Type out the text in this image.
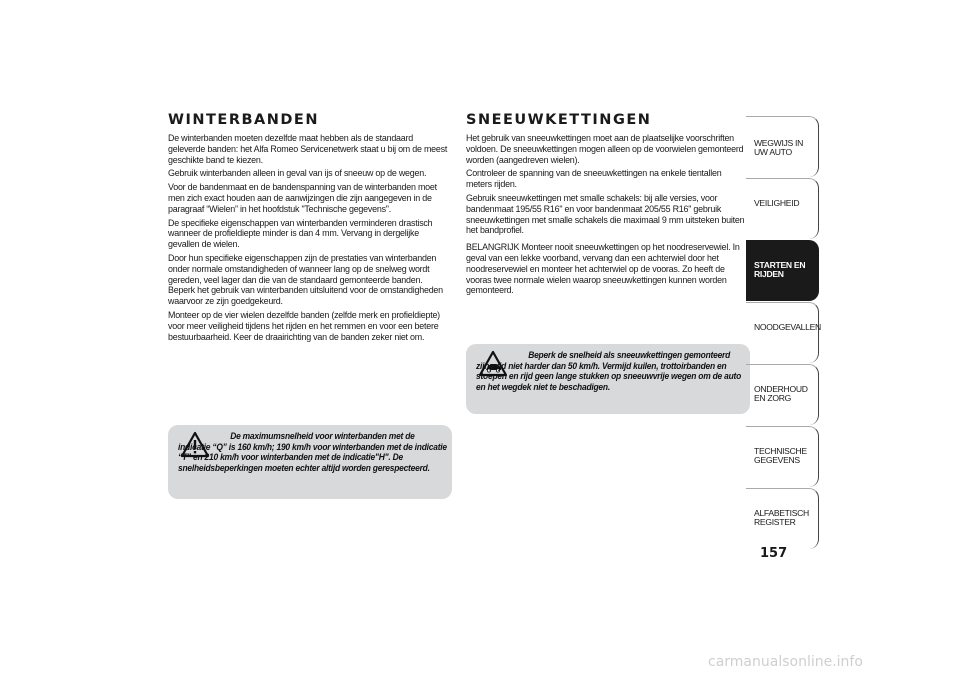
WINTERBANDEN
De winterbanden moeten dezelfde maat hebben als de standaard geleverde banden: het Alfa Romeo Servicenetwerk staat u bij om de meest geschikte band te kiezen.
Gebruik winterbanden alleen in geval van ijs of sneeuw op de wegen.
Voor de bandenmaat en de bandenspanning van de winterbanden moet men zich exact houden aan de aanwijzingen die zijn aangegeven in de paragraaf “Wielen” in het hoofdstuk "Technische gegevens".
De specifieke eigenschappen van winterbanden verminderen drastisch wanneer de profieldiepte minder is dan 4 mm. Vervang in dergelijke gevallen de wielen.
Door hun specifieke eigenschappen zijn de prestaties van winterbanden onder normale omstandigheden of wanneer lang op de snelweg wordt gereden, veel lager dan die van de standaard gemonteerde banden. Beperk het gebruik van winterbanden uitsluitend voor de omstandigheden waarvoor ze zijn goedgekeurd.
Monteer op de vier wielen dezelfde banden (zelfde merk en profieldiepte) voor meer veiligheid tijdens het rijden en het remmen en voor een betere bestuurbaarheid. Keer de draairichting van de banden zeker niet om.
De maximumsnelheid voor winterbanden met de indicatie “Q” is 160 km/h; 190 km/h voor winterbanden met de indicatie “T” en 210 km/h voor winterbanden met de indicatie"H". De snelheidsbeperkingen moeten echter altijd worden gerespecteerd.
SNEEUWKETTINGEN
Het gebruik van sneeuwkettingen moet aan de plaatselijke voorschriften voldoen. De sneeuwkettingen mogen alleen op de voorwielen gemonteerd worden (aangedreven wielen).
Controleer de spanning van de sneeuwkettingen na enkele tientallen meters rijden.
Gebruik sneeuwkettingen met smalle schakels: bij alle versies, voor bandenmaat 195/55 R16" en voor bandenmaat 205/55 R16" gebruik sneeuwkettingen met smalle schakels die maximaal 9 mm uitsteken buiten het bandprofiel.
BELANGRIJK Monteer nooit sneeuwkettingen op het noodreservewiel. In geval van een lekke voorband, vervang dan een achterwiel door het noodreservewiel en monteer het achterwiel op de vooras. Zo heeft de vooras twee normale wielen waarop sneeuwkettingen kunnen worden gemonteerd.
Beperk de snelheid als sneeuwkettingen gemonteerd zijn; rijd niet harder dan 50 km/h. Vermijd kuilen, trottoirbanden en stoepen en rijd geen lange stukken op sneeuwvrije wegen om de auto en het wegdek niet te beschadigen.
WEGWIJS IN UW AUTO
VEILIGHEID
STARTEN EN RIJDEN
NOODGEVALLEN
ONDERHOUD EN ZORG
TECHNISCHE GEGEVENS
ALFABETISCH REGISTER
157
carmanualsonline.info
